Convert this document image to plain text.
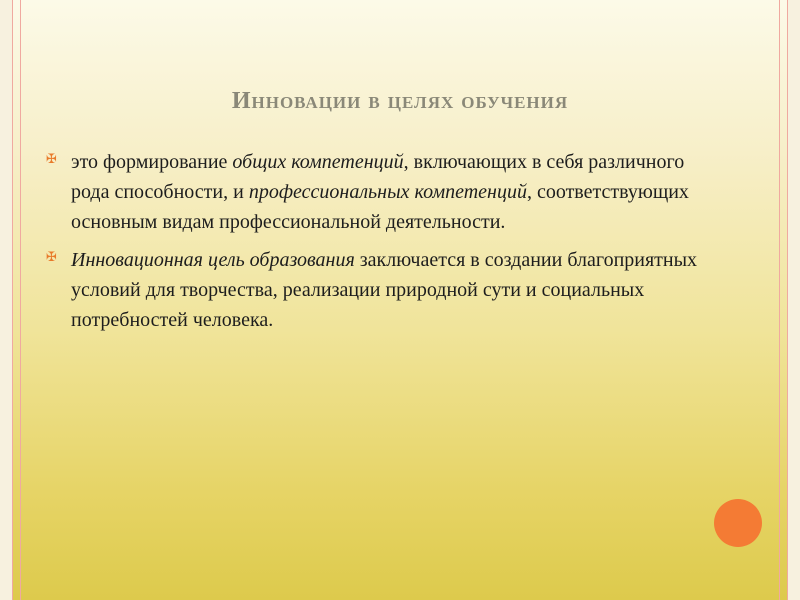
Инновации в целях обучения
✠ это формирование общих компетенций, включающих в себя различного рода способности, и профессиональных компетенций, соответствующих основным видам профессиональной деятельности.
✠ Инновационная цель образования заключается в создании благоприятных условий для творчества, реализации природной сути и социальных потребностей человека.
